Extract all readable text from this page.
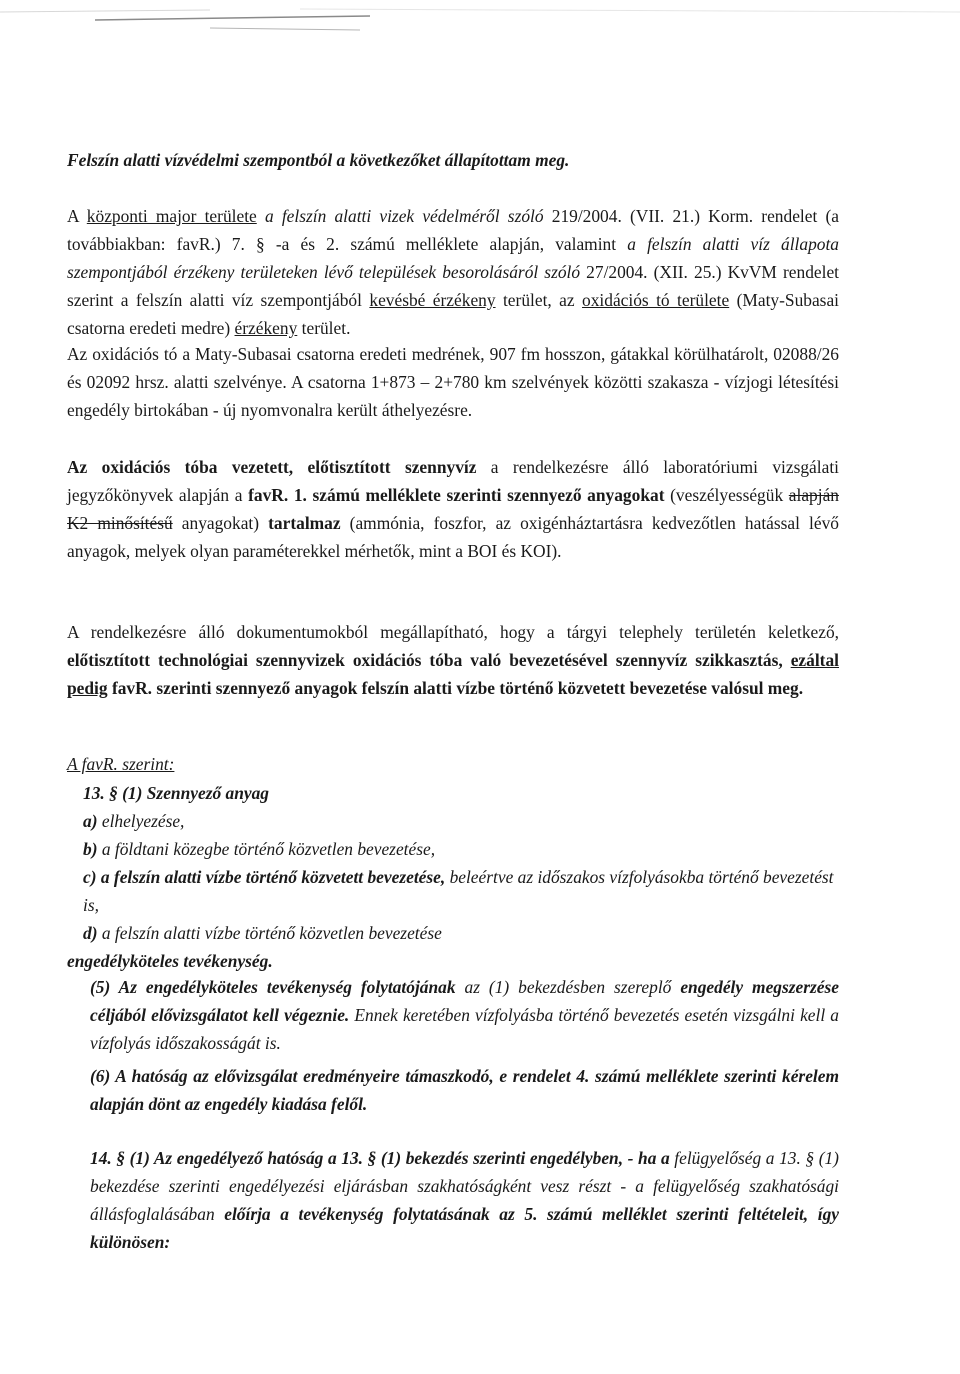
Felszín alatti vízvédelmi szempontból a következőket állapítottam meg.

A központi major területe a felszín alatti vizek védelméről szóló 219/2004. (VII. 21.) Korm. rendelet (a továbbiakban: favR.) 7. § -a és 2. számú melléklete alapján, valamint a felszín alatti víz állapota szempontjából érzékeny területeken lévő települések besorolásáról szóló 27/2004. (XII. 25.) KvVM rendelet szerint a felszín alatti víz szempontjából kevésbé érzékeny terület, az oxidációs tó területe (Maty-Subasai csatorna eredeti medre) érzékeny terület.

Az oxidációs tó a Maty-Subasai csatorna eredeti medrének, 907 fm hosszon, gátakkal körülhatárolt, 02088/26 és 02092 hrsz. alatti szelvénye. A csatorna 1+873 – 2+780 km szelvények közötti szakasza - vízjogi létesítési engedély birtokában - új nyomvonalra került áthelyezésre.

Az oxidációs tóba vezetett, előtisztított szennyvíz a rendelkezésre álló laboratóriumi vizsgálati jegyzőkönyvek alapján a favR. 1. számú melléklete szerinti szennyező anyagokat (veszélyességük alapján K2 minősítésű anyagokat) tartalmaz (ammónia, foszfor, az oxigénháztartásra kedvezőtlen hatással lévő anyagok, melyek olyan paraméterekkel mérhetők, mint a BOI és KOI).

A rendelkezésre álló dokumentumokból megállapítható, hogy a tárgyi telephely területén keletkező, előtisztított technológiai szennyvizek oxidációs tóba való bevezetésével szennyvíz szikkasztás, ezáltal pedig favR. szerinti szennyező anyagok felszín alatti vízbe történő közvetett bevezetése valósul meg.

A favR. szerint:

13. § (1) Szennyező anyag
a) elhelyezése,
b) a földtani közegbe történő közvetlen bevezetése,
c) a felszín alatti vízbe történő közvetett bevezetése, beleértve az időszakos vízfolyásokba történő bevezetést is,
d) a felszín alatti vízbe történő közvetlen bevezetése
engedélyköteles tevékenység.

(5) Az engedélyköteles tevékenység folytatójának az (1) bekezdésben szereplő engedély megszerzése céljából elővizsgálatot kell végeznie. Ennek keretében vízfolyásba történő bevezetés esetén vizsgálni kell a vízfolyás időszakosságát is.

(6) A hatóság az elővizsgálat eredményeire támaszkodó, e rendelet 4. számú melléklete szerinti kérelem alapján dönt az engedély kiadása felől.

14. § (1) Az engedélyező hatóság a 13. § (1) bekezdés szerinti engedélyben, - ha a felügyelőség a 13. § (1) bekezdése szerinti engedélyezési eljárásban szakhatóságként vesz részt - a felügyelőség szakhatósági állásfoglalásában előírja a tevékenység folytatásának az 5. számú melléklet szerinti feltételeit, így különösen:
